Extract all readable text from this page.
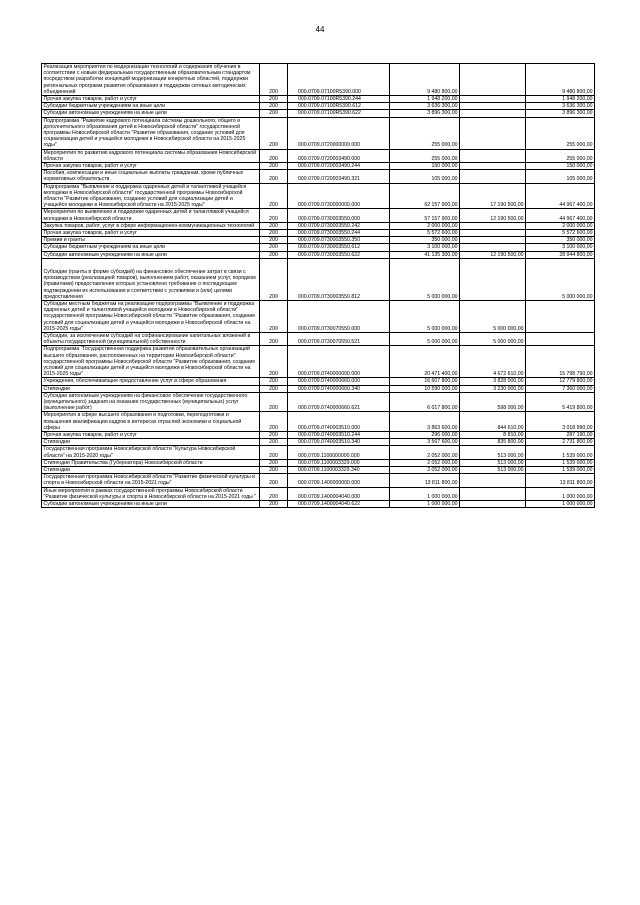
44
Реализация мероприятия по модернизации технологий и содержания обучения в соответствии с новым федеральным государственным образовательным стандартом посредством разработки концепций модернизации конкретных областей, поддержки региональных программ развития образования и поддержки сетевых методических объединений	200	000.0709.07100R5390.000	9 480 800,00		9 480 800,00
Прочая закупка товаров, работ и услуг	200	000.0709.07100R5390.244	1 948 200,00		1 948 200,00
Субсидии бюджетным учреждениям на иные цели	200	000.0709.07100R5390.612	3 636 300,00		3 636 300,00
Субсидии автономным учреждениям на иные цели	200	000.0709.07100R5390.622	3 896 300,00		3 896 300,00
Подпрограмма "Развитие кадрового потенциала системы дошкольного, общего и дополнительного образования детей в Новосибирской области" государственной программы Новосибирской области "Развитие образования, создание условий для социализации детей и учащейся молодежи в Новосибирской области на 2015-2025 годы"	200	000.0709.0720000000.000	255 000,00		255 000,00
Мероприятия по развитию кадрового потенциала системы образования Новосибирской области	200	000.0709.0720003490.000	255 000,00		255 000,00
Прочая закупка товаров, работ и услуг	200	000.0709.0720003490.244	150 000,00		150 000,00
Пособия, компенсации и иные социальные выплаты гражданам, кроме публичных нормативных обязательств	200	000.0709.0720003490.321	105 000,00		105 000,00
Подпрограмма "Выявление и поддержка одаренных детей и талантливой учащейся молодежи в Новосибирской области" государственной программы Новосибирской области "Развитие образования, создание условий для социализации детей и учащейся молодежи в Новосибирской области на 2015-2025 годы"	200	000.0709.0730000000.000	62 157 900,00	17 190 500,00	44 967 400,00
Мероприятия по выявлению и поддержке одаренных детей и талантливой учащейся молодежи в Новосибирской области	200	000.0709.0730003550.000	57 157 900,00	12 190 500,00	44 967 400,00
Закупка товаров, работ, услуг в сфере информационно-коммуникационных технологий	200	000.0709.0730003550.242	2 000 000,00		2 000 000,00
Прочая закупка товаров, работ и услуг	200	000.0709.0730003550.244	5 572 600,00		5 572 600,00
Премии и гранты	200	000.0709.0730003550.350	350 000,00		350 000,00
Субсидии бюджетным учреждениям на иные цели	200	000.0709.0730003550.612	3 100 000,00		3 100 000,00
Субсидии автономным учреждениям на иные цели	200	000.0709.0730003550.622	41 135 300,00	12 190 500,00	28 944 800,00
Субсидии (гранты в форме субсидий) на финансовое обеспечение затрат в связи с производством (реализацией товаров), выполнением работ, оказанием услуг, порядком (правилами) предоставления которых установлено требование о последующем подтверждении их использования в соответствии с условиями и (или) целями предоставления	200	000.0709.0730003550.812	5 000 000,00		5 000 000,00
Субсидии местным бюджетам на реализацию подпрограммы "Выявление и поддержка одаренных детей и талантливой учащейся молодежи в Новосибирской области" государственной программы Новосибирской области "Развитие образования, создание условий для социализации детей и учащейся молодежи в Новосибирской области на 2015-2025 годы"	200	000.0709.0730070550.000	5 000 000,00	5 000 000,00	
Субсидии, за исключением субсидий на софинансирование капитальных вложений в объекты государственной (муниципальной) собственности	200	000.0709.0730070550.521	5 000 000,00	5 000 000,00	
Подпрограмма "Государственная поддержка развития образовательных организаций высшего образования, расположенных на территории Новосибирской области" государственной программы Новосибирской области "Развитие образования, создание условий для социализации детей и учащейся молодежи в Новосибирской области на 2015-2025 годы"	200	000.0709.0740000000.000	20 471 400,00	4 672 610,00	15 798 790,00
Учреждения, обеспечивающие предоставление услуг в сфере образования	200	000.0709.0740000660.000	16 607 800,00	3 828 000,00	12 779 800,00
Стипендии	200	000.0709.0740000660.340	10 590 000,00	3 230 000,00	7 360 000,00
Субсидии автономным учреждениям на финансовое обеспечение государственного (муниципального) задания на оказание государственных (муниципальных) услуг (выполнение работ)	200	000.0709.0740000660.621	6 017 800,00	598 000,00	5 419 800,00
Мероприятия в сфере высшего образования и подготовки, переподготовки и повышения квалификации кадров в интересах отраслей экономики и социальной сферы	200	000.0709.0740003510.000	3 863 600,00	844 610,00	3 018 990,00
Прочая закупка товаров, работ и услуг	200	000.0709.0740003510.244	296 000,00	8 810,00	287 190,00
Стипендии	200	000.0709.0740003510.340	3 567 600,00	835 800,00	2 731 800,00
Государственная программа Новосибирской области "Культура Новосибирской области" на 2015-2020 годы"	200	000.0709.1100000000.000	2 052 000,00	513 000,00	1 539 000,00
Стипендии Правительства (Губернатора) Новосибирской области	200	000.0709.1100003329.000	2 052 000,00	513 000,00	1 539 000,00
Стипендии	200	000.0709.1100003329.340	2 052 000,00	513 000,00	1 539 000,00
Государственная программа Новосибирской области "Развитие физической культуры и спорта в Новосибирской области на 2015-2021 годы"	200	000.0709.1400000000.000	13 811 800,00		13 811 800,00
Иные мероприятия в рамках государственной программы Новосибирской области "Развитие физической культуры и спорта в Новосибирской области на 2015-2021 годы "	200	000.0709.1400004040.000	1 000 000,00		1 000 000,00
Субсидии автономным учреждениям на иные цели	200	000.0709.1400004040.622	1 000 000,00		1 000 000,00
